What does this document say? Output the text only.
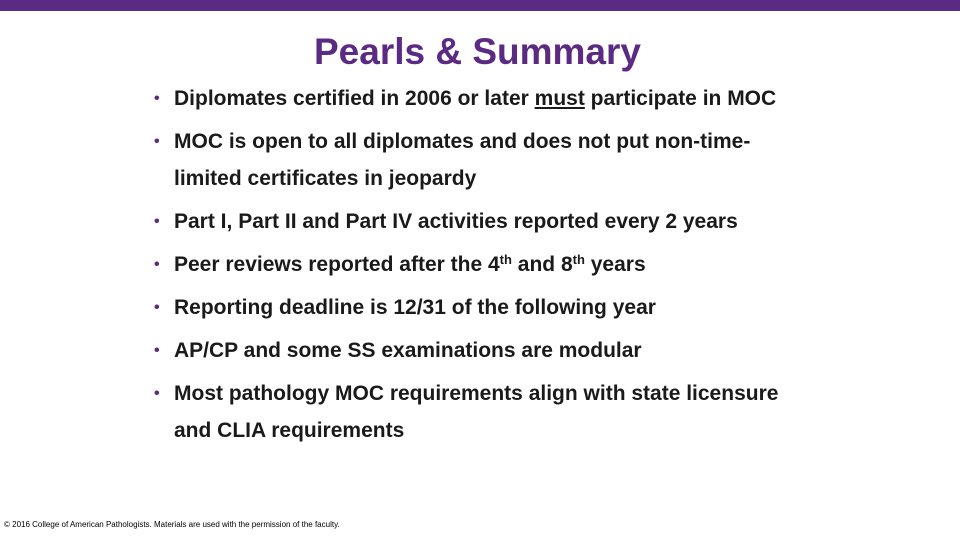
Pearls & Summary
• Diplomates certified in 2006 or later must participate in MOC
• MOC is open to all diplomates and does not put non-time-limited certificates in jeopardy
• Part I, Part II and Part IV activities reported every 2 years
• Peer reviews reported after the 4th and 8th years
• Reporting deadline is 12/31 of the following year
• AP/CP and some SS examinations are modular
• Most pathology MOC requirements align with state licensure and CLIA requirements
© 2016 College of American Pathologists. Materials are used with the permission of the faculty.
